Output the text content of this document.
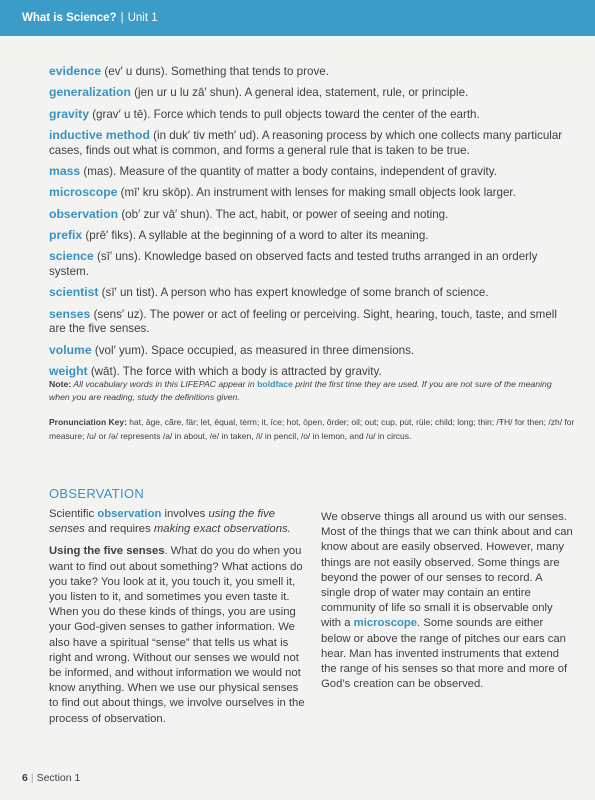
What is Science? | Unit 1
evidence (ev′ u duns). Something that tends to prove.
generalization (jen ur u lu zā′ shun). A general idea, statement, rule, or principle.
gravity (grav′ u tē). Force which tends to pull objects toward the center of the earth.
inductive method (in duk′ tiv meth′ ud). A reasoning process by which one collects many particular cases, finds out what is common, and forms a general rule that is taken to be true.
mass (mas). Measure of the quantity of matter a body contains, independent of gravity.
microscope (mī′ kru skōp). An instrument with lenses for making small objects look larger.
observation (ob′ zur vā′ shun). The act, habit, or power of seeing and noting.
prefix (prē′ fiks). A syllable at the beginning of a word to alter its meaning.
science (sī′ uns). Knowledge based on observed facts and tested truths arranged in an orderly system.
scientist (sī′ un tist). A person who has expert knowledge of some branch of science.
senses (sens′ uz). The power or act of feeling or perceiving. Sight, hearing, touch, taste, and smell are the five senses.
volume (vol′ yum). Space occupied, as measured in three dimensions.
weight (wāt). The force with which a body is attracted by gravity.
Note: All vocabulary words in this LIFEPAC appear in boldface print the first time they are used. If you are not sure of the meaning when you are reading, study the definitions given.
Pronunciation Key: hat, āge, cãre, fär; let, ēqual, tėrm; it, īce; hot, ōpen, ôrder; oil; out; cup, pu̇t, rüle; child; long; thin; /ŦH/ for then; /zh/ for measure; /u/ or /ə/ represents /a/ in about, /e/ in taken, /i/ in pencil, /o/ in lemon, and /u/ in circus.
OBSERVATION

Scientific observation involves using the five senses and requires making exact observations.

Using the five senses. What do you do when you want to find out about something? What actions do you take? You look at it, you touch it, you smell it, you listen to it, and sometimes you even taste it. When you do these kinds of things, you are using your God-given senses to gather information. We also have a spiritual “sense” that tells us what is right and wrong. Without our senses we would not be informed, and without information we would not know anything. When we use our physical senses to find out about things, we involve ourselves in the process of observation.

We observe things all around us with our senses. Most of the things that we can think about and can know about are easily observed. However, many things are not easily observed. Some things are beyond the power of our senses to record. A single drop of water may contain an entire community of life so small it is observable only with a microscope. Some sounds are either below or above the range of pitches our ears can hear. Man has invented instruments that extend the range of his senses so that more and more of God’s creation can be observed.

6 | Section 1
